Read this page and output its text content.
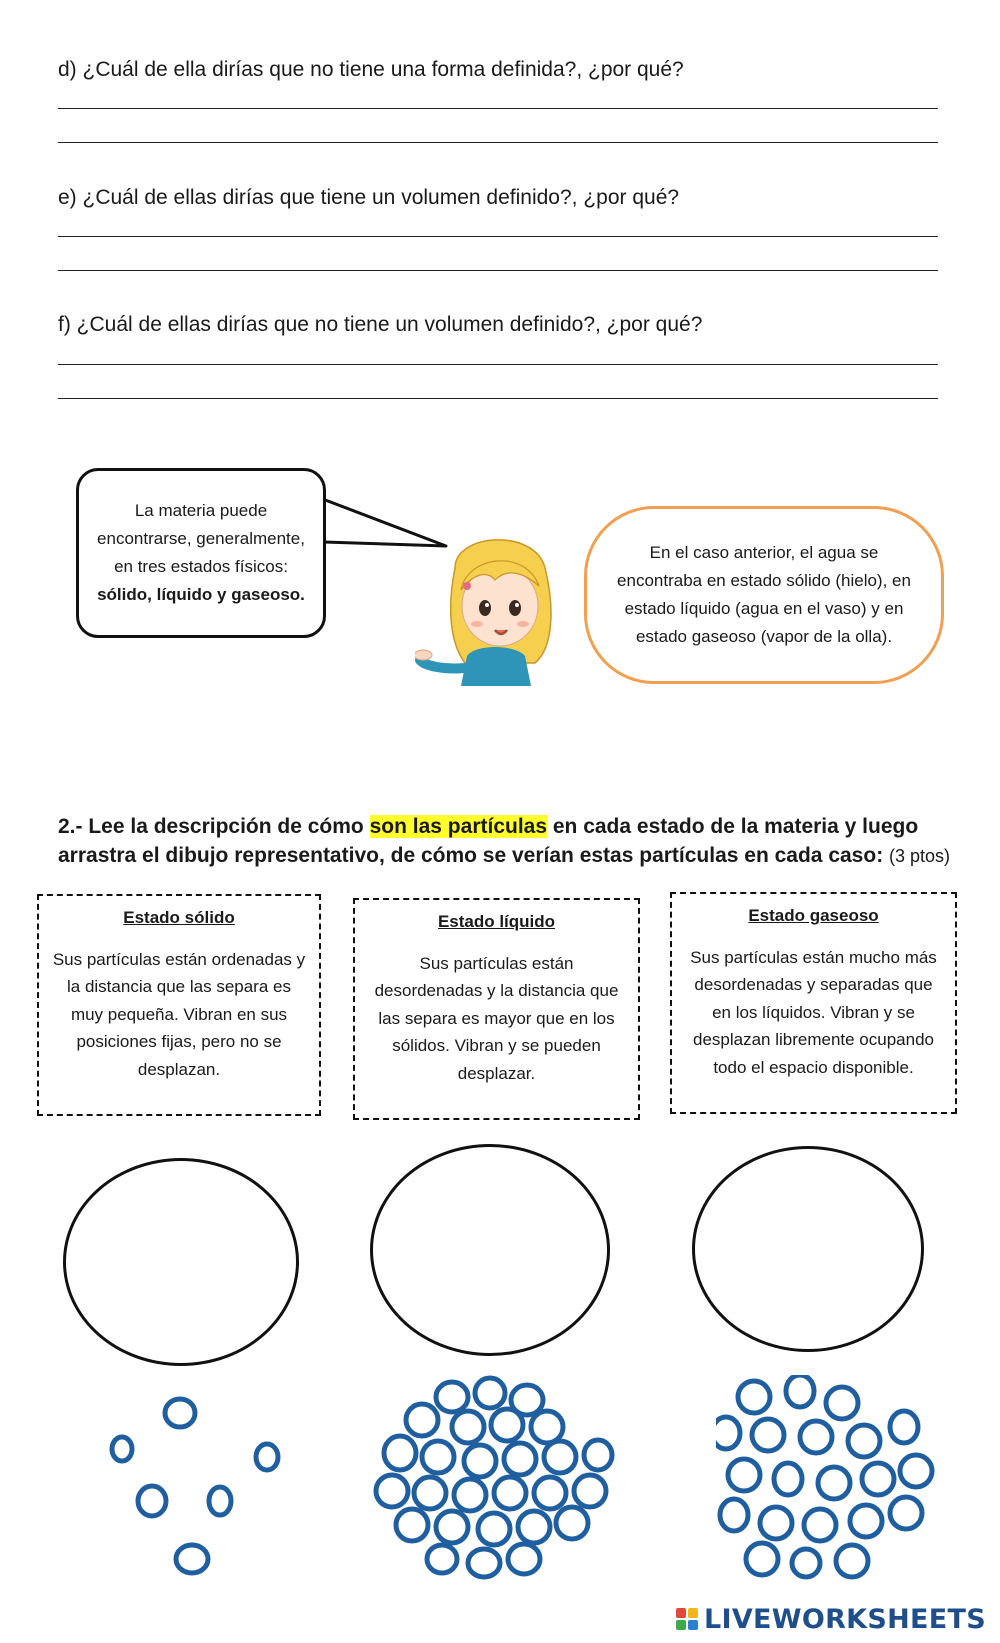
d) ¿Cuál de ella dirías que no tiene una forma definida?, ¿por qué?
e) ¿Cuál de ellas dirías que tiene un volumen definido?, ¿por qué?
f) ¿Cuál de ellas dirías que no tiene un volumen definido?, ¿por qué?
La materia puede encontrarse, generalmente, en tres estados físicos: sólido, líquido y gaseoso.
En el caso anterior, el agua se encontraba en estado sólido (hielo), en estado líquido (agua en el vaso) y en estado gaseoso (vapor de la olla).
2.- Lee la descripción de cómo son las partículas en cada estado de la materia y luego arrastra el dibujo representativo, de cómo se verían estas partículas en cada caso: (3 ptos)
Estado sólido
Sus partículas están ordenadas y la distancia que las separa es muy pequeña. Vibran en sus posiciones fijas, pero no se desplazan.
Estado líquido
Sus partículas están desordenadas y la distancia que las separa es mayor que en los sólidos. Vibran y se pueden desplazar.
Estado gaseoso
Sus partículas están mucho más desordenadas y separadas que en los líquidos. Vibran y se desplazan libremente ocupando todo el espacio disponible.
LIVEWORKSHEETS
